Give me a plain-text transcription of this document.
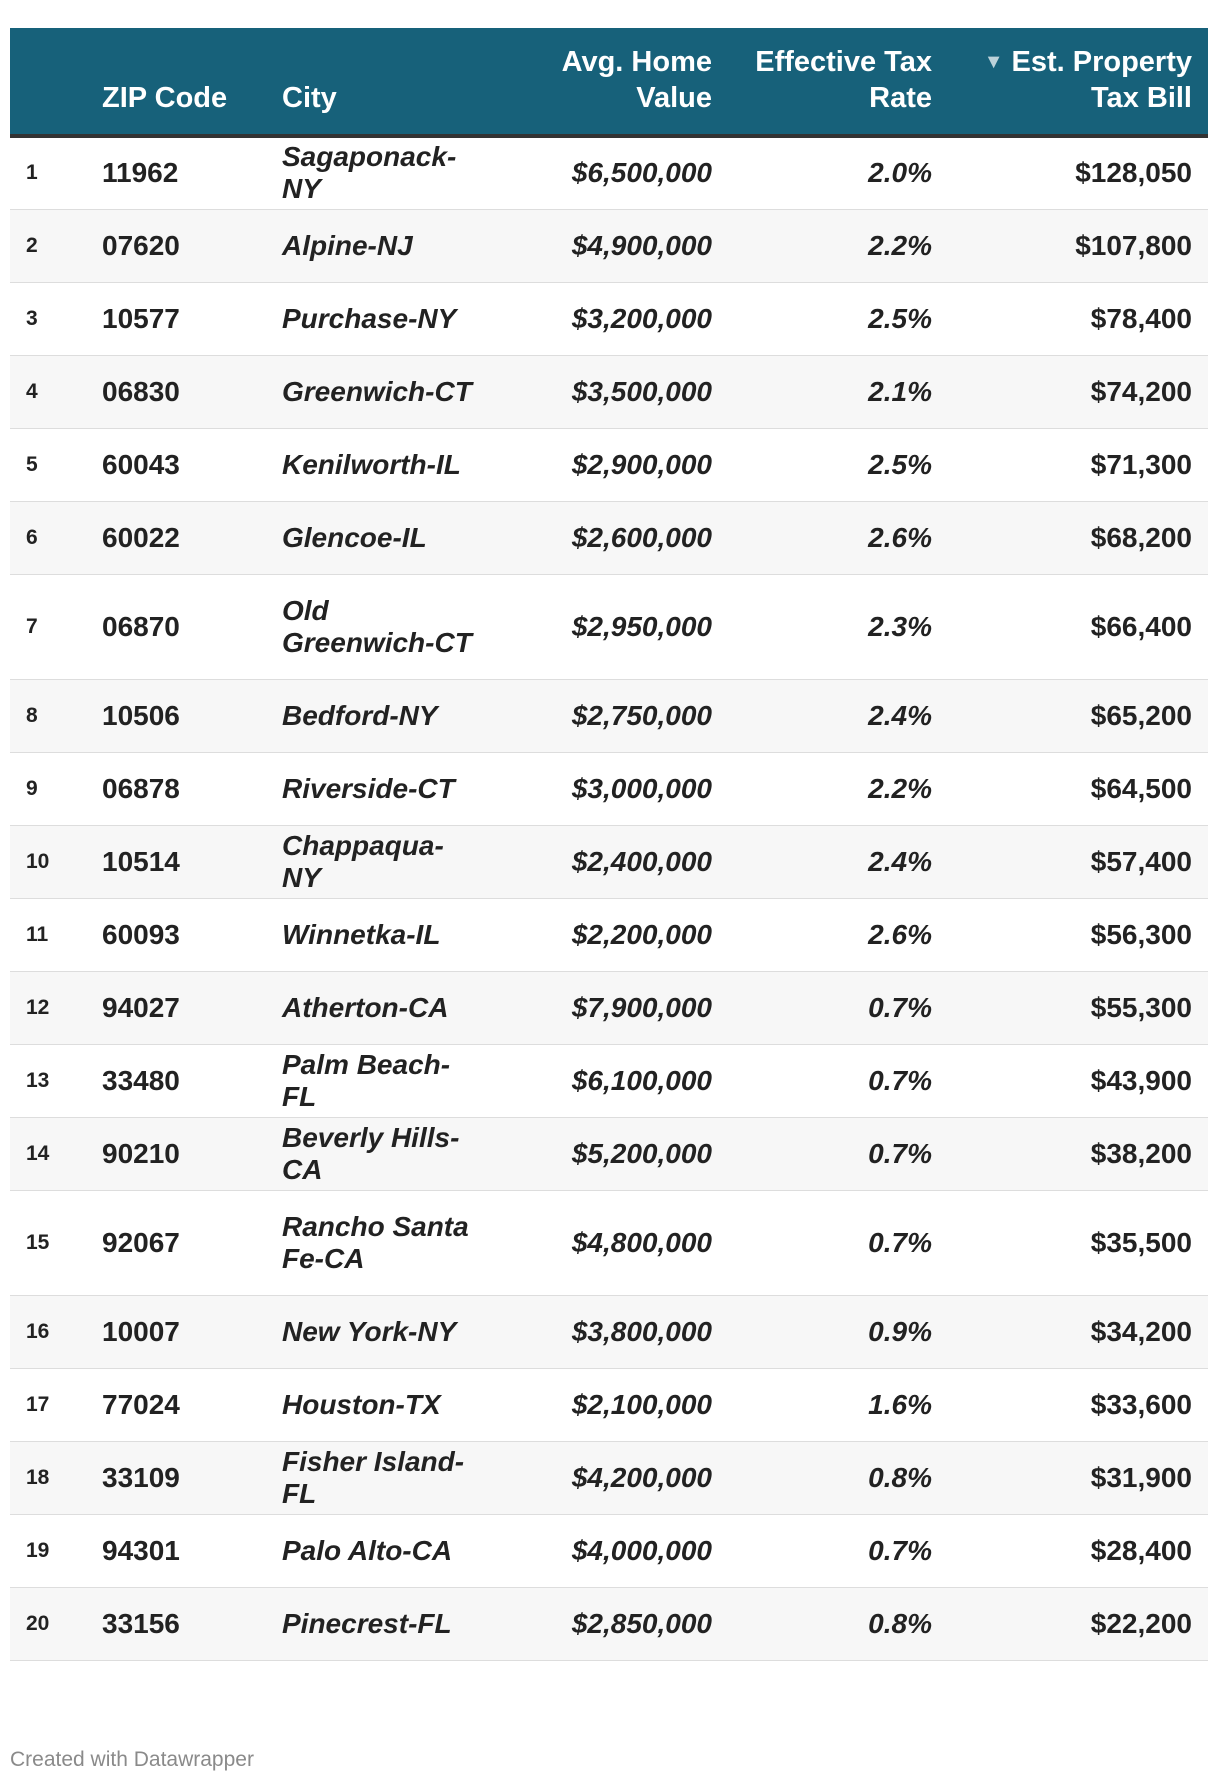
	ZIP Code	City	Avg. Home Value	Effective Tax Rate	▼ Est. Property Tax Bill
1	11962	Sagaponack-NY	$6,500,000	2.0%	$128,050
2	07620	Alpine-NJ	$4,900,000	2.2%	$107,800
3	10577	Purchase-NY	$3,200,000	2.5%	$78,400
4	06830	Greenwich-CT	$3,500,000	2.1%	$74,200
5	60043	Kenilworth-IL	$2,900,000	2.5%	$71,300
6	60022	Glencoe-IL	$2,600,000	2.6%	$68,200
7	06870	Old Greenwich-CT	$2,950,000	2.3%	$66,400
8	10506	Bedford-NY	$2,750,000	2.4%	$65,200
9	06878	Riverside-CT	$3,000,000	2.2%	$64,500
10	10514	Chappaqua-NY	$2,400,000	2.4%	$57,400
11	60093	Winnetka-IL	$2,200,000	2.6%	$56,300
12	94027	Atherton-CA	$7,900,000	0.7%	$55,300
13	33480	Palm Beach-FL	$6,100,000	0.7%	$43,900
14	90210	Beverly Hills-CA	$5,200,000	0.7%	$38,200
15	92067	Rancho Santa Fe-CA	$4,800,000	0.7%	$35,500
16	10007	New York-NY	$3,800,000	0.9%	$34,200
17	77024	Houston-TX	$2,100,000	1.6%	$33,600
18	33109	Fisher Island-FL	$4,200,000	0.8%	$31,900
19	94301	Palo Alto-CA	$4,000,000	0.7%	$28,400
20	33156	Pinecrest-FL	$2,850,000	0.8%	$22,200
Created with Datawrapper
